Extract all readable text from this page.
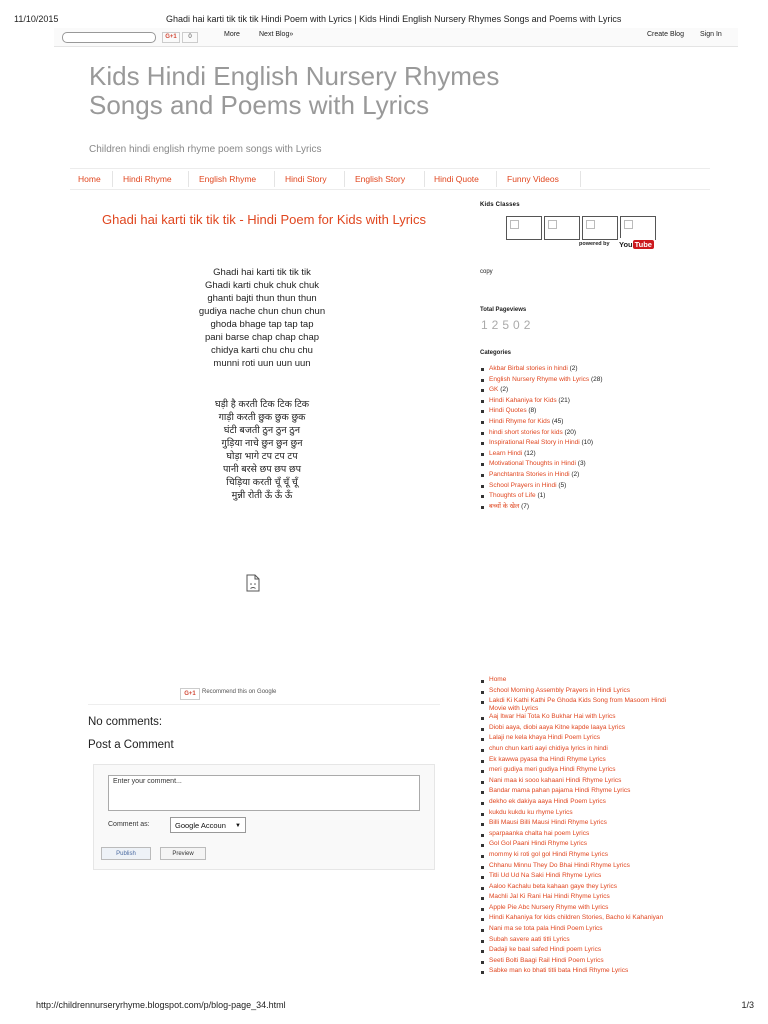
11/10/2015	Ghadi hai karti tik tik tik Hindi Poem with Lyrics | Kids Hindi English Nursery Rhymes Songs and Poems with Lyrics
http://childrennurseryrhyme.blogspot.com/p/blog-page_34.html	1/3
G+1	0	More	Next Blog»	Create Blog Sign In
Kids Hindi English Nursery Rhymes
Songs and Poems with Lyrics
Children hindi english rhyme poem songs with Lyrics
Home	Hindi Rhyme	English Rhyme	Hindi Story	English Story	Hindi Quote	Funny Videos
Ghadi hai karti tik tik tik - Hindi Poem for Kids with Lyrics
Ghadi hai karti tik tik tik
Ghadi karti chuk chuk chuk
ghanti bajti thun thun thun
gudiya nache chun chun chun
ghoda bhage tap tap tap
pani barse chap chap chap
chidya karti chu chu chu
munni roti uun uun uun
घड़ी है करती टिक टिक टिक
गाड़ी करती छुक छुक छुक
घंटी बजती ठुन ठुन ठुन
गुड़िया नाचे छुन छुन छुन
घोड़ा भागे टप टप टप
पानी बरसे छप छप छप
चिड़िया करती चूँ चूँ चूँ
मुन्नी रोती ऊँ ऊँ ऊँ
G+1	Recommend this on Google
No comments:
Post a Comment
Enter your comment...
Comment as:	Google Accoun ▼
Publish	Preview
Kids Classes
powered by You Tube
copy
Total Pageviews
12502
Categories
Akbar Birbal stories in hindi (2)
English Nursery Rhyme with Lyrics (28)
GK (2)
Hindi Kahaniya for Kids (21)
Hindi Quotes (8)
Hindi Rhyme for Kids (45)
hindi short stories for kids (20)
Inspirational Real Story in Hindi (10)
Learn Hindi (12)
Motivational Thoughts in Hindi (3)
Panchtantra Stories in Hindi (2)
School Prayers in Hindi (5)
Thoughts of Life (1)
बच्चों के खेल (7)
Home
School Morning Assembly Prayers in Hindi Lyrics
Lakdi Ki Kathi Kathi Pe Ghoda Kids Song from Masoom Hindi Movie with Lyrics
Aaj Itwar Hai Tota Ko Bukhar Hai with Lyrics
Diobi aaya, diobi aaya Kitne kapde laaya Lyrics
Lalaji ne kela khaya Hindi Poem Lyrics
chun chun karti aayi chidiya lyrics in hindi
Ek kawwa pyasa tha Hindi Rhyme Lyrics
meri gudiya meri gudiya Hindi Rhyme Lyrics
Nani maa ki sooo kahaani Hindi Rhyme Lyrics
Bandar mama pahan pajama Hindi Rhyme Lyrics
dekho ek dakiya aaya Hindi Poem Lyrics
kukdu kukdu ku rhyme Lyrics
Billi Mausi Billi Mausi Hindi Rhyme Lyrics
sparpaanka chalta hai poem Lyrics
Gol Gol Paani Hindi Rhyme Lyrics
mommy ki roti gol gol Hindi Rhyme Lyrics
Chhanu Minnu They Do Bhai Hindi Rhyme Lyrics
Titli Ud Ud Na Saki Hindi Rhyme Lyrics
Aaloo Kachalu beta kahaan gaye they Lyrics
Machli Jal Ki Rani Hai Hindi Rhyme Lyrics
Apple Pie Abc Nursery Rhyme with Lyrics
Hindi Kahaniya for kids children Stories, Bacho ki Kahaniyan
Nani ma se tota pala Hindi Poem Lyrics
Subah savere aati titli Lyrics
Dadaji ke baal safed Hindi poem Lyrics
Seeti Bolti Baagi Rail Hindi Poem Lyrics
Sabke man ko bhati titli bata Hindi Rhyme Lyrics
